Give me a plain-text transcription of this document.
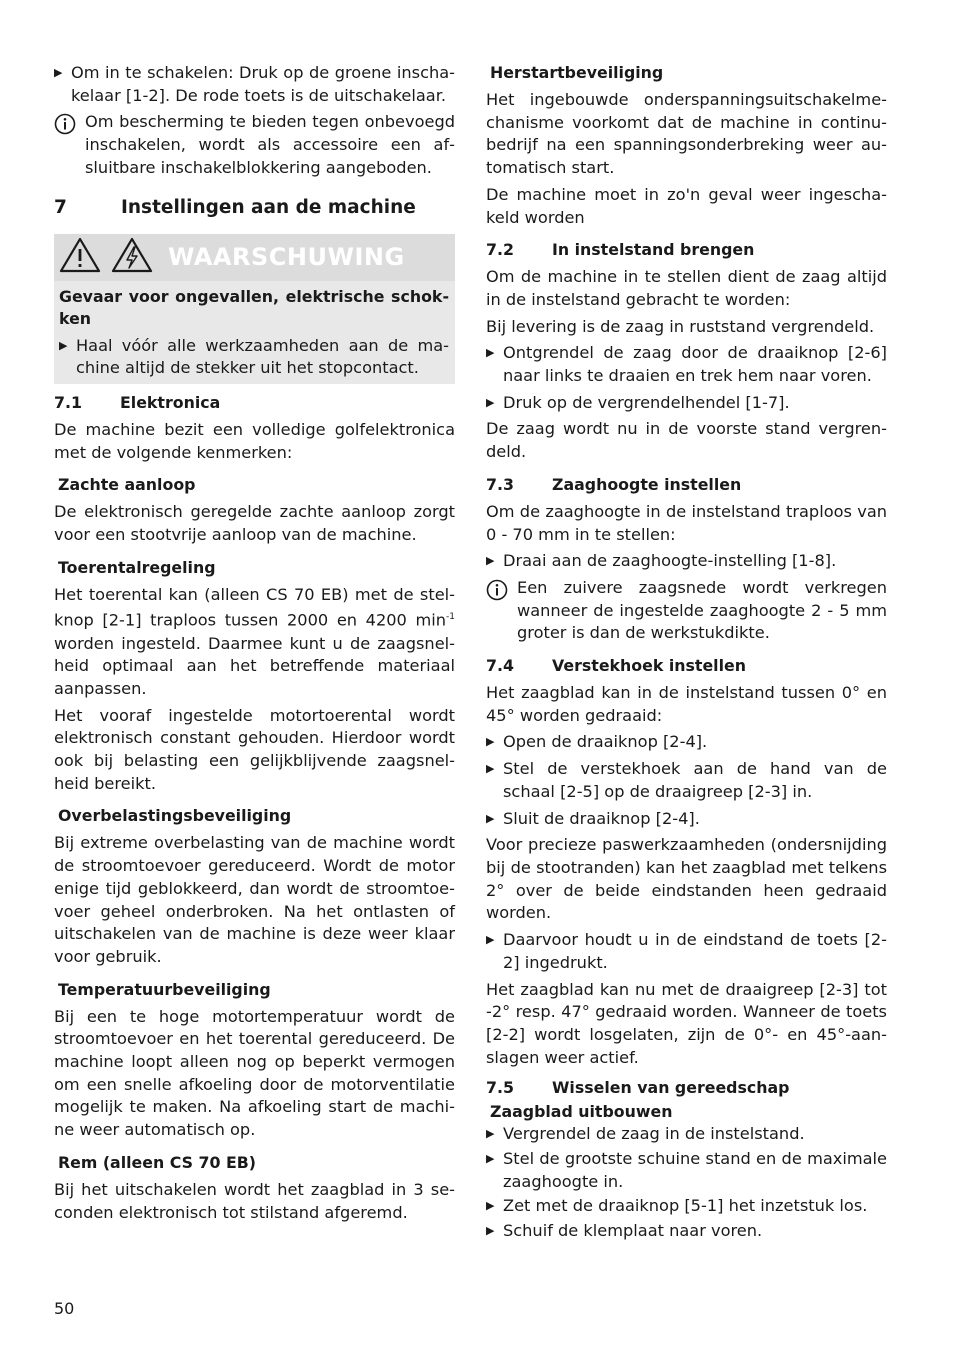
▶ Om in te schakelen: Druk op de groene inschakelaar [1-2]. De rode toets is de uitschakelaar.
Om bescherming te bieden tegen onbevoegd inschakelen, wordt als accessoire een afsluitbare inschakelblokkering aangeboden.
7	Instellingen aan de machine
WAARSCHUWING
Gevaar voor ongevallen, elektrische schokken
▶ Haal vóór alle werkzaamheden aan de machine altijd de stekker uit het stopcontact.
7.1	Elektronica

De machine bezit een volledige golfelektronica met de volgende kenmerken:

Zachte aanloop

De elektronisch geregelde zachte aanloop zorgt voor een stootvrije aanloop van de machine.

Toerentalregeling

Het toerental kan (alleen CS 70 EB) met de stelknop [2-1] traploos tussen 2000 en 4200 $\min^{-1}$ worden ingesteld. Daarmee kunt u de zaagsnelheid optimaal aan het betreffende materiaal aanpassen.

Het vooraf ingestelde motortoerental wordt elektronisch constant gehouden. Hierdoor wordt ook bij belasting een gelijkblijvende zaagsnelheid bereikt.

Overbelastingsbeveiliging

Bij extreme overbelasting van de machine wordt de stroomtoevoer gereduceerd. Wordt de motor enige tijd geblokkeerd, dan wordt de stroomtoevoer geheel onderbroken. Na het ontlasten of uitschakelen van de machine is deze weer klaar voor gebruik.

Temperatuurbeveiliging

Bij een te hoge motortemperatuur wordt de stroomtoevoer en het toerental gereduceerd. De machine loopt alleen nog op beperkt vermogen om een snelle afkoeling door de motorventilatie mogelijk te maken. Na afkoeling start de machine weer automatisch op.

Rem (alleen CS 70 EB)

Bij het uitschakelen wordt het zaagblad in 3 seconden elektronisch tot stilstand afgeremd.

Herstartbeveiliging

Het ingebouwde onderspanningsuitschakelmechanisme voorkomt dat de machine in continubedrijf na een spanningsonderbreking weer automatisch start.

De machine moet in zo'n geval weer ingeschakeld worden

7.2	In instelstand brengen

Om de machine in te stellen dient de zaag altijd in de instelstand gebracht te worden:

Bij levering is de zaag in ruststand vergrendeld.

▶ Ontgrendel de zaag door de draaiknop [2-6] naar links te draaien en trek hem naar voren.
▶ Druk op de vergrendelhendel [1-7].

De zaag wordt nu in de voorste stand vergrendeld.

7.3	Zaaghoogte instellen

Om de zaaghoogte in de instelstand traploos van 0 - 70 mm in te stellen:

▶ Draai aan de zaaghoogte-instelling [1-8].
Een zuivere zaagsnede wordt verkregen wanneer de ingestelde zaaghoogte 2 - 5 mm groter is dan de werkstukdikte.
7.4	Verstekhoek instellen

Het zaagblad kan in de instelstand tussen 0° en 45° worden gedraaid:

▶ Open de draaiknop [2-4].
▶ Stel de verstekhoek aan de hand van de schaal [2-5] op de draaigreep [2-3] in.
▶ Sluit de draaiknop [2-4].

Voor precieze paswerkzaamheden (ondersnijding bij de stootranden) kan het zaagblad met telkens 2° over de beide eindstanden heen gedraaid worden.

▶ Daarvoor houdt u in de eindstand de toets [2-2] ingedrukt.

Het zaagblad kan nu met de draaigreep [2-3] tot -2° resp. 47° gedraaid worden. Wanneer de toets [2-2] wordt losgelaten, zijn de 0°- en 45°-aanslagen weer actief.

7.5	Wisselen van gereedschap
Zaagblad uitbouwen
▶ Vergrendel de zaag in de instelstand.
▶ Stel de grootste schuine stand en de maximale zaaghoogte in.
▶ Zet met de draaiknop [5-1] het inzetstuk los.
▶ Schuif de klemplaat naar voren.
50
